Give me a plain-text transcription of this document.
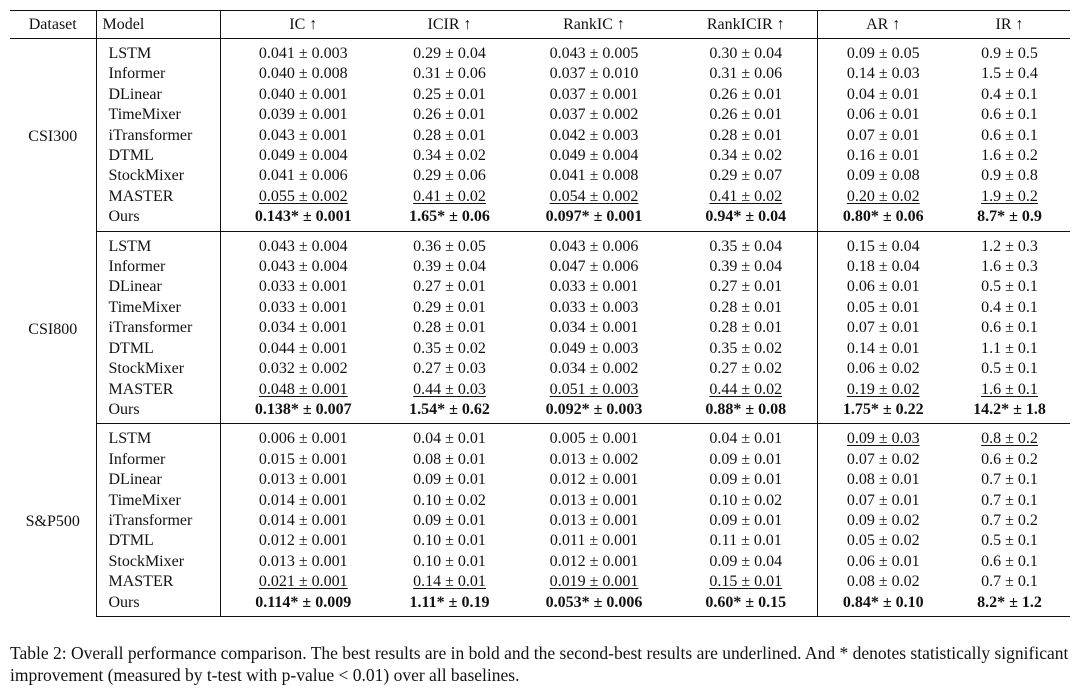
Dataset	Model	IC ↑	ICIR ↑	RankIC ↑	RankICIR ↑	AR ↑	IR ↑
CSI300	LSTM	0.041 ± 0.003	0.29 ± 0.04	0.043 ± 0.005	0.30 ± 0.04	0.09 ± 0.05	0.9 ± 0.5
	Informer	0.040 ± 0.008	0.31 ± 0.06	0.037 ± 0.010	0.31 ± 0.06	0.14 ± 0.03	1.5 ± 0.4
	DLinear	0.040 ± 0.001	0.25 ± 0.01	0.037 ± 0.001	0.26 ± 0.01	0.04 ± 0.01	0.4 ± 0.1
	TimeMixer	0.039 ± 0.001	0.26 ± 0.01	0.037 ± 0.002	0.26 ± 0.01	0.06 ± 0.01	0.6 ± 0.1
	iTransformer	0.043 ± 0.001	0.28 ± 0.01	0.042 ± 0.003	0.28 ± 0.01	0.07 ± 0.01	0.6 ± 0.1
	DTML	0.049 ± 0.004	0.34 ± 0.02	0.049 ± 0.004	0.34 ± 0.02	0.16 ± 0.01	1.6 ± 0.2
	StockMixer	0.041 ± 0.006	0.29 ± 0.06	0.041 ± 0.008	0.29 ± 0.07	0.09 ± 0.08	0.9 ± 0.8
	MASTER	0.055 ± 0.002	0.41 ± 0.02	0.054 ± 0.002	0.41 ± 0.02	0.20 ± 0.02	1.9 ± 0.2
	Ours	0.143* ± 0.001	1.65* ± 0.06	0.097* ± 0.001	0.94* ± 0.04	0.80* ± 0.06	8.7* ± 0.9
CSI800	LSTM	0.043 ± 0.004	0.36 ± 0.05	0.043 ± 0.006	0.35 ± 0.04	0.15 ± 0.04	1.2 ± 0.3
	Informer	0.043 ± 0.004	0.39 ± 0.04	0.047 ± 0.006	0.39 ± 0.04	0.18 ± 0.04	1.6 ± 0.3
	DLinear	0.033 ± 0.001	0.27 ± 0.01	0.033 ± 0.001	0.27 ± 0.01	0.06 ± 0.01	0.5 ± 0.1
	TimeMixer	0.033 ± 0.001	0.29 ± 0.01	0.033 ± 0.003	0.28 ± 0.01	0.05 ± 0.01	0.4 ± 0.1
	iTransformer	0.034 ± 0.001	0.28 ± 0.01	0.034 ± 0.001	0.28 ± 0.01	0.07 ± 0.01	0.6 ± 0.1
	DTML	0.044 ± 0.001	0.35 ± 0.02	0.049 ± 0.003	0.35 ± 0.02	0.14 ± 0.01	1.1 ± 0.1
	StockMixer	0.032 ± 0.002	0.27 ± 0.03	0.034 ± 0.002	0.27 ± 0.02	0.06 ± 0.02	0.5 ± 0.1
	MASTER	0.048 ± 0.001	0.44 ± 0.03	0.051 ± 0.003	0.44 ± 0.02	0.19 ± 0.02	1.6 ± 0.1
	Ours	0.138* ± 0.007	1.54* ± 0.62	0.092* ± 0.003	0.88* ± 0.08	1.75* ± 0.22	14.2* ± 1.8
S&P500	LSTM	0.006 ± 0.001	0.04 ± 0.01	0.005 ± 0.001	0.04 ± 0.01	0.09 ± 0.03	0.8 ± 0.2
	Informer	0.015 ± 0.001	0.08 ± 0.01	0.013 ± 0.002	0.09 ± 0.01	0.07 ± 0.02	0.6 ± 0.2
	DLinear	0.013 ± 0.001	0.09 ± 0.01	0.012 ± 0.001	0.09 ± 0.01	0.08 ± 0.01	0.7 ± 0.1
	TimeMixer	0.014 ± 0.001	0.10 ± 0.02	0.013 ± 0.001	0.10 ± 0.02	0.07 ± 0.01	0.7 ± 0.1
	iTransformer	0.014 ± 0.001	0.09 ± 0.01	0.013 ± 0.001	0.09 ± 0.01	0.09 ± 0.02	0.7 ± 0.2
	DTML	0.012 ± 0.001	0.10 ± 0.01	0.011 ± 0.001	0.11 ± 0.01	0.05 ± 0.02	0.5 ± 0.1
	StockMixer	0.013 ± 0.001	0.10 ± 0.01	0.012 ± 0.001	0.09 ± 0.04	0.06 ± 0.01	0.6 ± 0.1
	MASTER	0.021 ± 0.001	0.14 ± 0.01	0.019 ± 0.001	0.15 ± 0.01	0.08 ± 0.02	0.7 ± 0.1
	Ours	0.114* ± 0.009	1.11* ± 0.19	0.053* ± 0.006	0.60* ± 0.15	0.84* ± 0.10	8.2* ± 1.2
Table 2: Overall performance comparison. The best results are in bold and the second-best results are underlined. And * denotes statistically significant improvement (measured by t-test with p-value < 0.01) over all baselines.
